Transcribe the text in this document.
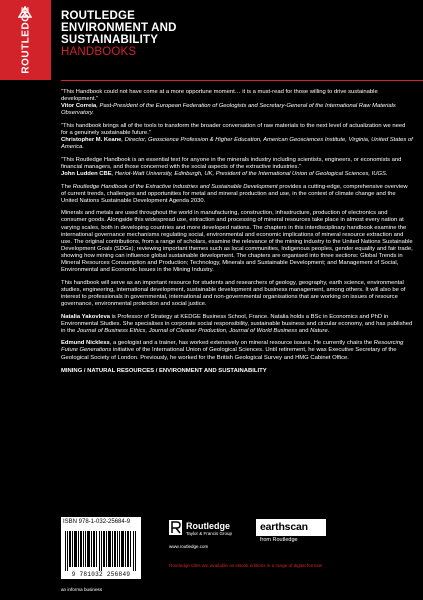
ROUTLEDGE	ROUTLEDGE
ENVIRONMENT AND
SUSTAINABILITY
HANDBOOKS

“This Handbook could not have come at a more opportune moment… it is a must-read for those willing to drive sustainable development.”

Vitor Correia, Past-President of the European Federation of Geologists and Secretary-General of the International Raw Materials Observatory.

“This handbook brings all of the tools to transform the broader conversation of raw materials to the next level of actualization we need for a genuinely sustainable future.”

Christopher M. Keane, Director, Geoscience Profession & Higher Education, American Geosciences Institute, Virginia, United States of America.

“This Routledge Handbook is an essential text for anyone in the minerals industry including scientists, engineers, or economists and financial managers, and those concerned with the social aspects of the extractive industries.”

John Ludden CBE, Heriot-Watt University, Edinburgh, UK, President of the International Union of Geological Sciences, IUGS.

The Routledge Handbook of the Extractive Industries and Sustainable Development provides a cutting-edge, comprehensive overview of current trends, challenges and opportunities for metal and mineral production and use, in the context of climate change and the United Nations Sustainable Development Agenda 2030.

Minerals and metals are used throughout the world in manufacturing, construction, infrastructure, production of electronics and consumer goods. Alongside this widespread use, extraction and processing of mineral resources take place in almost every nation at varying scales, both in developing countries and more developed nations. The chapters in this interdisciplinary handbook examine the international governance mechanisms regulating social, environmental and economic implications of mineral resource extraction and use. The original contributions, from a range of scholars, examine the relevance of the mining industry to the United Nations Sustainable Development Goals (SDGs); reviewing important themes such as local communities, Indigenous peoples, gender equality and fair trade, showing how mining can influence global sustainable development. The chapters are organised into three sections: Global Trends in Mineral Resources Consumption and Production; Technology, Minerals and Sustainable Development; and Management of Social, Environmental and Economic Issues in the Mining Industry.

This handbook will serve as an important resource for students and researchers of geology, geography, earth science, environmental studies, engineering, international development, sustainable development and business management, among others. It will also be of interest to professionals in governmental, international and non-governmental organisations that are working on issues of resource governance, environmental protection and social justice.

Natalia Yakovleva is Professor of Strategy at KEDGE Business School, France. Natalia holds a BSc in Economics and PhD in Environmental Studies. She specialises in corporate social responsibility, sustainable business and circular economy, and has published in the Journal of Business Ethics, Journal of Cleaner Production, Journal of World Business and Nature.

Edmund Nickless, a geologist and a trainer, has worked extensively on mineral resource issues. He currently chairs the Resourcing Future Generations initiative of the International Union of Geological Sciences. Until retirement, he was Executive Secretary of the Geological Society of London. Previously, he worked for the British Geological Survey and HMG Cabinet Office.

MINING / NATURAL RESOURCES / ENVIRONMENT AND SUSTAINABILITY

ISBN 978-1-032-25684-9
9 781032 256849
Routledge
Taylor & Francis Group
www.routledge.com
earthscan
from Routledge
Routledge titles are available as eBook editions in a range of digital formats
an informa business
